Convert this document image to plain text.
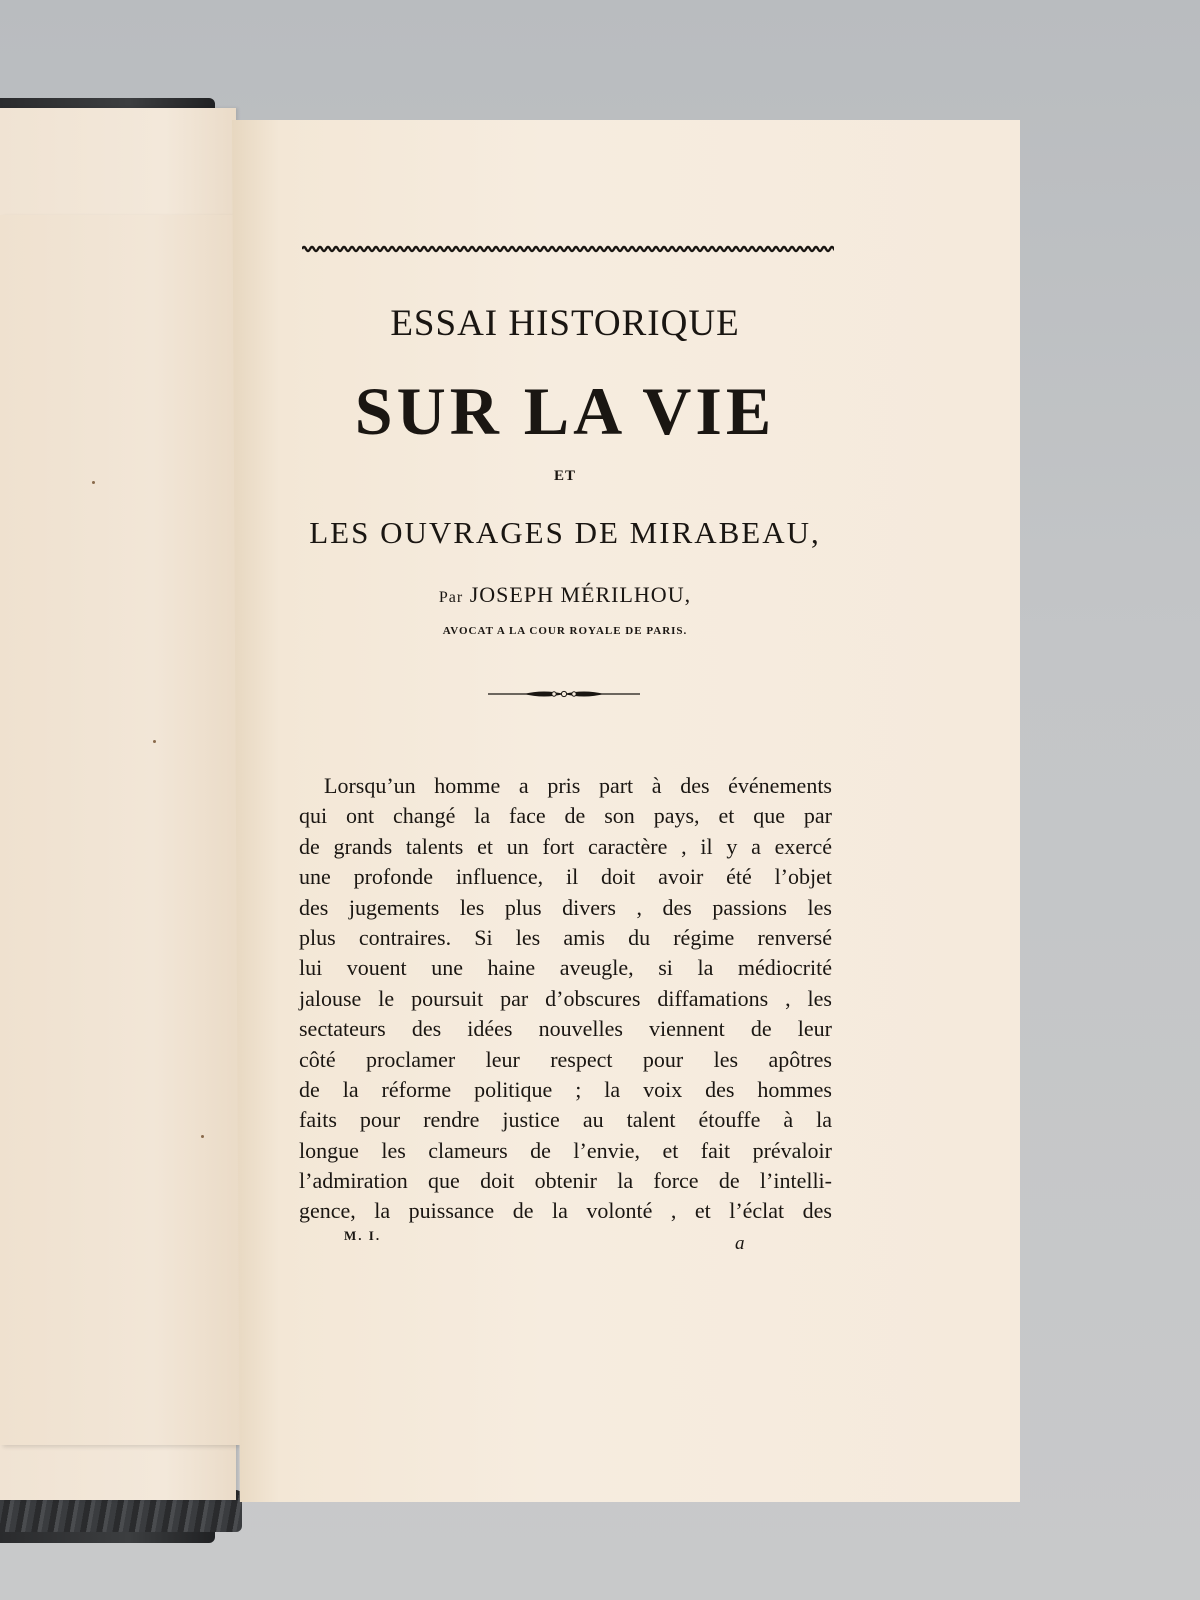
ESSAI HISTORIQUE
SUR LA VIE
ET
LES OUVRAGES DE MIRABEAU,
Par JOSEPH MÉRILHOU,
AVOCAT A LA COUR ROYALE DE PARIS.
Lorsqu’un homme a pris part à des événements
qui ont changé la face de son pays, et que par
de grands talents et un fort caractère , il y a exercé
une profonde influence, il doit avoir été l’objet
des jugements les plus divers , des passions les
plus contraires. Si les amis du régime renversé
lui vouent une haine aveugle, si la médiocrité
jalouse le poursuit par d’obscures diffamations , les
sectateurs des idées nouvelles viennent de leur
côté proclamer leur respect pour les apôtres
de la réforme politique ; la voix des hommes
faits pour rendre justice au talent étouffe à la
longue les clameurs de l’envie, et fait prévaloir
l’admiration que doit obtenir la force de l’intelli-
gence, la puissance de la volonté , et l’éclat des
M. I.	a
